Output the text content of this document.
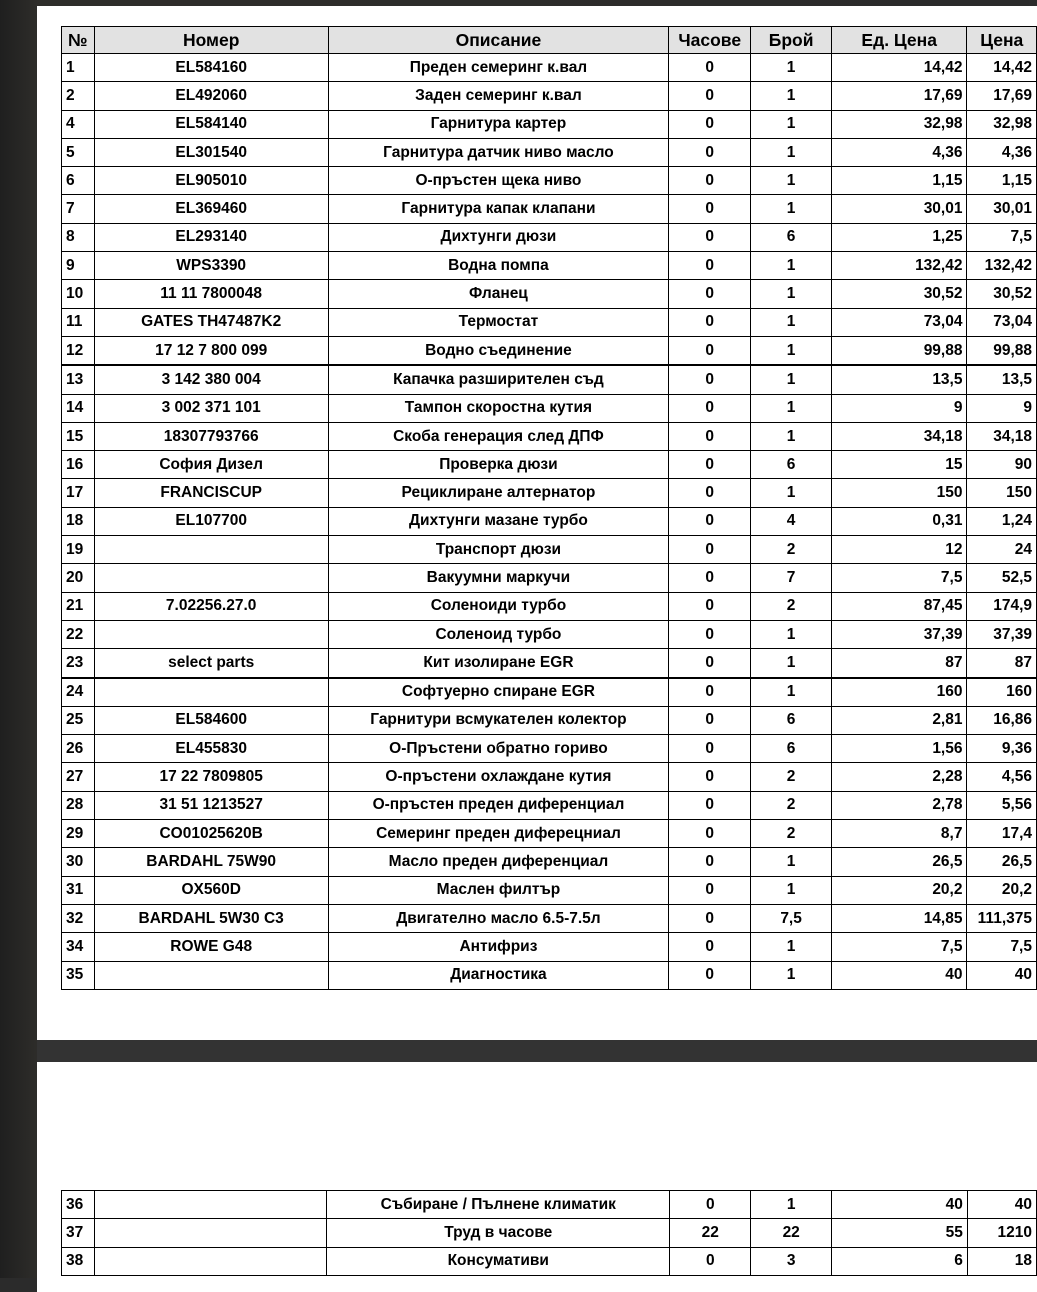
№	Номер	Описание	Часове	Брой	Ед. Цена	Цена
1	EL584160	Преден семеринг к.вал	0	1	14,42	14,42
2	EL492060	Заден семеринг к.вал	0	1	17,69	17,69
4	EL584140	Гарнитура картер	0	1	32,98	32,98
5	EL301540	Гарнитура датчик ниво масло	0	1	4,36	4,36
6	EL905010	О-пръстен щека ниво	0	1	1,15	1,15
7	EL369460	Гарнитура капак клапани	0	1	30,01	30,01
8	EL293140	Дихтунги дюзи	0	6	1,25	7,5
9	WPS3390	Водна помпа	0	1	132,42	132,42
10	11 11 7800048	Фланец	0	1	30,52	30,52
11	GATES TH47487K2	Термостат	0	1	73,04	73,04
12	17 12 7 800 099	Водно съединение	0	1	99,88	99,88
13	3 142 380 004	Капачка разширителен съд	0	1	13,5	13,5
14	3 002 371 101	Тампон скоростна кутия	0	1	9	9
15	18307793766	Скоба генерация след ДПФ	0	1	34,18	34,18
16	София Дизел	Проверка дюзи	0	6	15	90
17	FRANCISCUP	Рециклиране алтернатор	0	1	150	150
18	EL107700	Дихтунги мазане турбо	0	4	0,31	1,24
19		Транспорт дюзи	0	2	12	24
20		Вакуумни маркучи	0	7	7,5	52,5
21	7.02256.27.0	Соленоиди турбо	0	2	87,45	174,9
22		Соленоид турбо	0	1	37,39	37,39
23	select parts	Кит изолиране EGR	0	1	87	87
24		Софтуерно спиране EGR	0	1	160	160
25	EL584600	Гарнитури всмукателен колектор	0	6	2,81	16,86
26	EL455830	О-Пръстени обратно гориво	0	6	1,56	9,36
27	17 22 7809805	О-пръстени охлаждане кутия	0	2	2,28	4,56
28	31 51 1213527	О-пръстен преден диференциал	0	2	2,78	5,56
29	CO01025620B	Семеринг преден диферецниал	0	2	8,7	17,4
30	BARDAHL 75W90	Масло преден диференциал	0	1	26,5	26,5
31	OX560D	Маслен филтър	0	1	20,2	20,2
32	BARDAHL 5W30 C3	Двигателно масло 6.5-7.5л	0	7,5	14,85	111,375
34	ROWE G48	Антифриз	0	1	7,5	7,5
35		Диагностика	0	1	40	40
36		Събиране / Пълнене климатик	0	1	40	40
37		Труд в часове	22	22	55	1210
38		Консумативи	0	3	6	18
